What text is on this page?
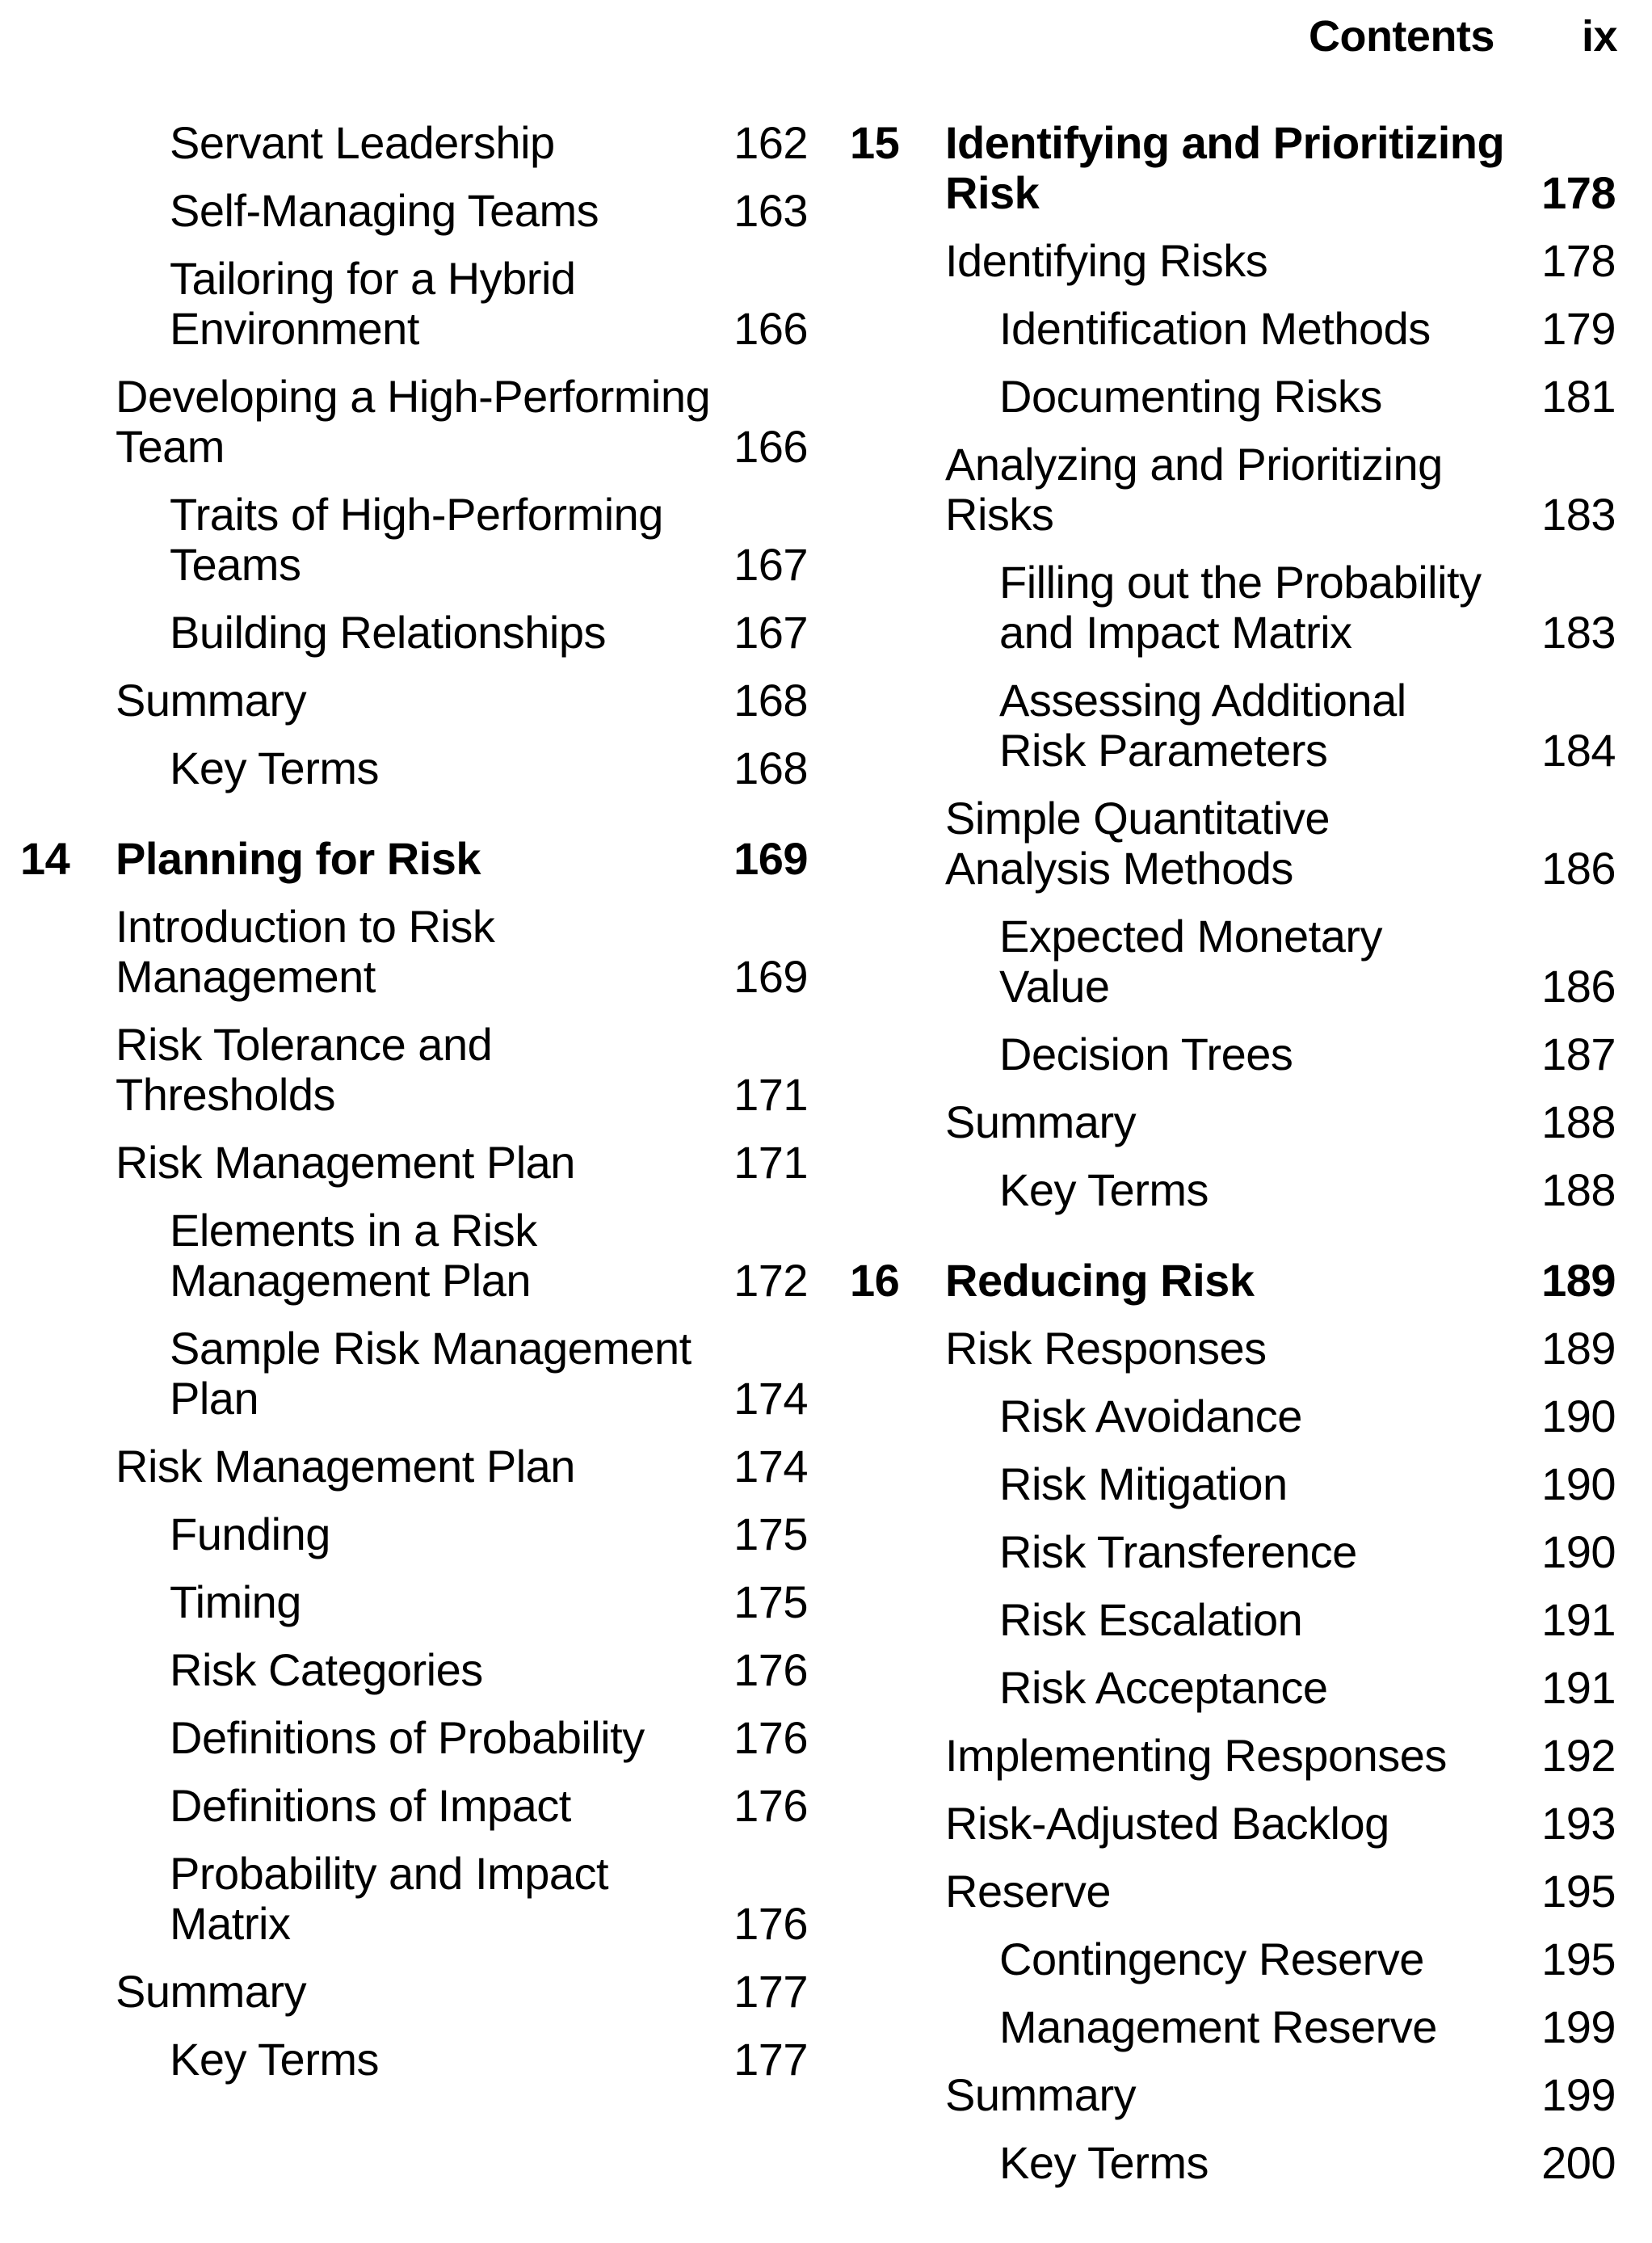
Contents ix
Servant Leadership	162
Self-Managing Teams	163
Tailoring for a Hybrid
Environment	166
Developing a High-Performing
Team	166
Traits of High-Performing
Teams	167
Building Relationships	167
Summary	168
Key Terms	168
14 Planning for Risk	169
Introduction to Risk
Management	169
Risk Tolerance and
Thresholds	171
Risk Management Plan	171
Elements in a Risk
Management Plan	172
Sample Risk Management
Plan	174
Risk Management Plan	174
Funding	175
Timing	175
Risk Categories	176
Definitions of Probability	176
Definitions of Impact	176
Probability and Impact
Matrix	176
Summary	177
Key Terms	177
15 Identifying and Prioritizing
Risk	178
Identifying Risks	178
Identification Methods	179
Documenting Risks	181
Analyzing and Prioritizing
Risks	183
Filling out the Probability
and Impact Matrix	183
Assessing Additional
Risk Parameters	184
Simple Quantitative
Analysis Methods	186
Expected Monetary
Value	186
Decision Trees	187
Summary	188
Key Terms	188
16 Reducing Risk	189
Risk Responses	189
Risk Avoidance	190
Risk Mitigation	190
Risk Transference	190
Risk Escalation	191
Risk Acceptance	191
Implementing Responses	192
Risk-Adjusted Backlog	193
Reserve	195
Contingency Reserve	195
Management Reserve	199
Summary	199
Key Terms	200
